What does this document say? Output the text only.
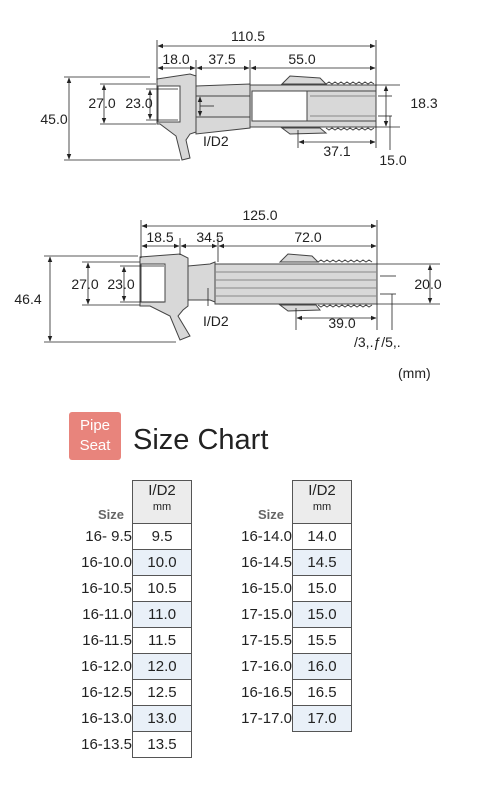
110.5
18.0 37.5	55.0
45.0
27.0 23.0
I/D2
18.3
37.1
15.0
125.0
18.5 34.5	72.0
46.4
27.0 23.0
I/D2
20.0
39.0
/3,.ƒ/5,.
(mm)
Pipe
Seat Size Chart
Size	I/D2
mm

16- 9.5	9.5
16-10.0	10.0
16-10.5	10.5
16-11.0	11.0
16-11.5	11.5
16-12.0	12.0
16-12.5	12.5
16-13.0	13.0
16-13.5	13.5
Size	I/D2
mm

16-14.0	14.0
16-14.5	14.5
16-15.0	15.0
17-15.0	15.0
17-15.5	15.5
17-16.0	16.0
16-16.5	16.5
17-17.0	17.0
